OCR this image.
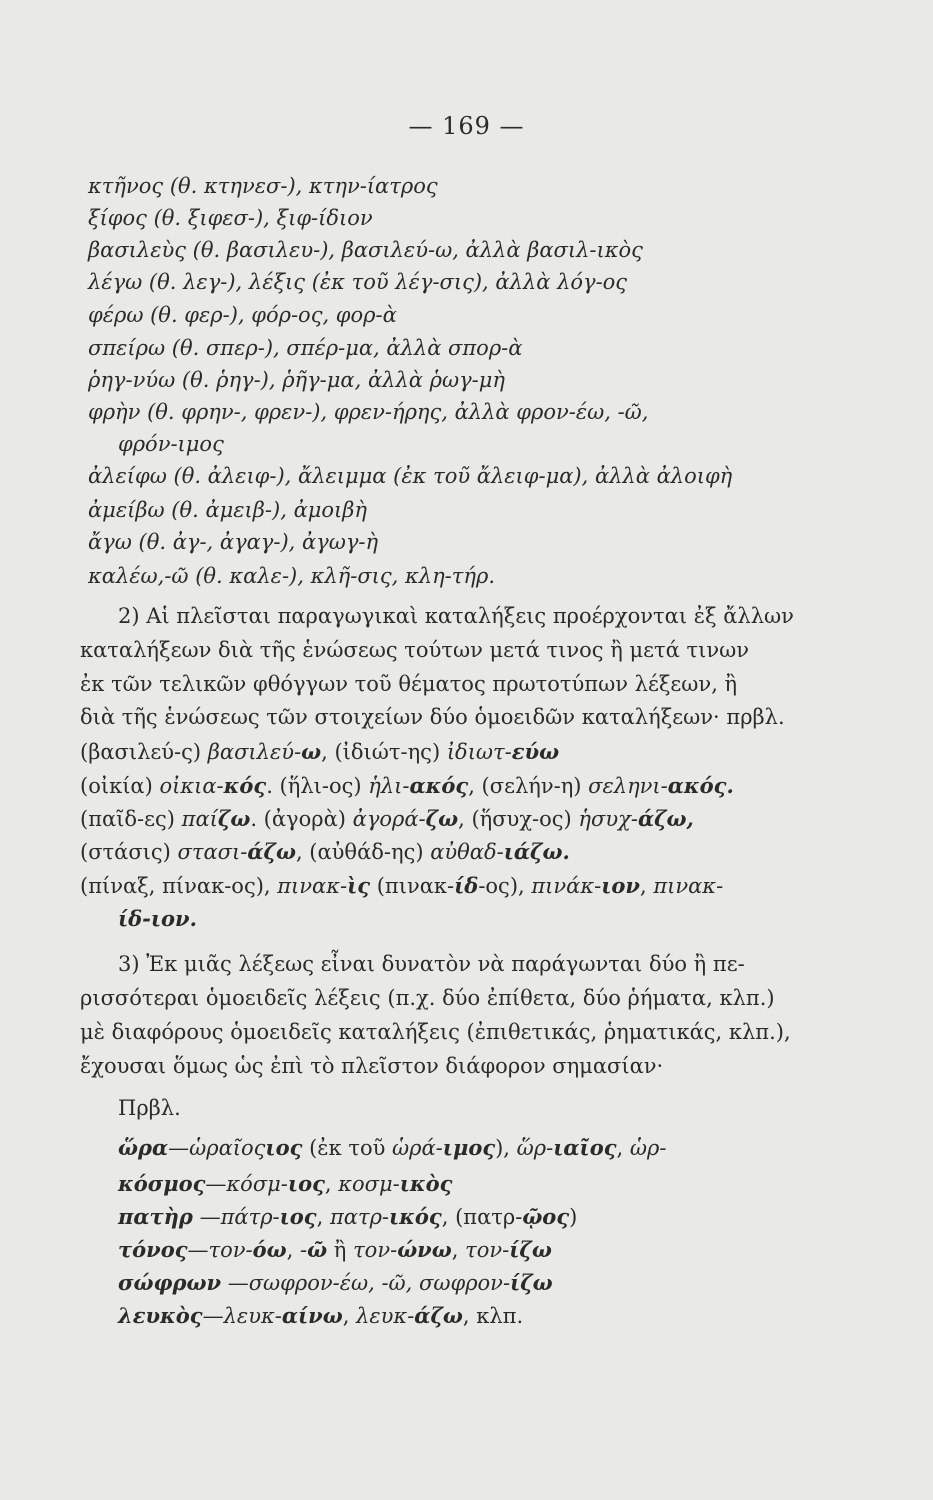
— 169 —
κτῆνος (θ. κτηνεσ-), κτην-ίατρος
ξίφος (θ. ξιφεσ-), ξιφ-ίδιον
βασιλεὺς (θ. βασιλευ-), βασιλεύ-ω, ἀλλὰ βασιλ-ικὸς
λέγω (θ. λεγ-), λέξις (ἐκ τοῦ λέγ-σις), ἀλλὰ λόγ-ος
φέρω (θ. φερ-), φόρ-ος, φορ-ὰ
σπείρω (θ. σπερ-), σπέρ-μα, ἀλλὰ σπορ-ὰ
ῥηγ-νύω (θ. ῥηγ-), ῥῆγ-μα, ἀλλὰ ῥωγ-μὴ
φρὴν (θ. φρην-, φρεν-), φρεν-ήρης, ἀλλὰ φρον-έω, -ῶ,
φρόν-ιμος
ἀλείφω (θ. ἀλειφ-), ἄλειμμα (ἐκ τοῦ ἄλειφ-μα), ἀλλὰ ἀλοιφὴ
ἀμείβω (θ. ἀμειβ-), ἀμοιβὴ
ἄγω (θ. ἀγ-, ἀγαγ-), ἀγωγ-ὴ
καλέω,-ῶ (θ. καλε-), κλῆ-σις, κλη-τήρ.
2) Αἱ πλεῖσται παραγωγικαὶ καταλήξεις προέρχονται ἐξ ἄλλων
καταλήξεων διὰ τῆς ἑνώσεως τούτων μετά τινος ἢ μετά τινων
ἐκ τῶν τελικῶν φθόγγων τοῦ θέματος πρωτοτύπων λέξεων, ἢ
διὰ τῆς ἑνώσεως τῶν στοιχείων δύο ὁμοειδῶν καταλήξεων· πρβλ.
(βασιλεύ-ς) βασιλεύ-ω, (ἰδιώτ-ης) ἰδιωτ-εύω
(οἰκία) οἰκια-κός. (ἥλι-ος) ἡλι-ακός, (σελήν-η) σεληνι-ακός.
(παῖδ-ες) παίζω. (ἀγορὰ) ἀγορά-ζω, (ἥσυχ-ος) ἡσυχ-άζω,
(στάσις) στασι-άζω, (αὐθάδ-ης) αὐθαδ-ιάζω.
(πίναξ, πίνακ-ος), πινακ-ὶς (πινακ-ίδ-ος), πινάκ-ιον, πινακ-
ίδ-ιον.
3) Ἐκ μιᾶς λέξεως εἶναι δυνατὸν νὰ παράγωνται δύο ἢ πε-
ρισσότεραι ὁμοειδεῖς λέξεις (π.χ. δύο ἐπίθετα, δύο ῥήματα, κλπ.)
μὲ διαφόρους ὁμοειδεῖς καταλήξεις (ἐπιθετικάς, ῥηματικάς, κλπ.),
ἔχουσαι ὅμως ὡς ἐπὶ τὸ πλεῖστον διάφορον σημασίαν·
Πρβλ.
ὥρα—ὡραῖοςιος (ἐκ τοῦ ὡρά-ιμος), ὥρ-ιαῖος, ὡρ-
κόσμος—κόσμ-ιος, κοσμ-ικὸς
πατὴρ —πάτρ-ιος, πατρ-ικός, (πατρ-ῷος)
τόνος—τον-όω, -ῶ ἢ τον-ώνω, τον-ίζω
σώφρων —σωφρον-έω, -ῶ, σωφρον-ίζω
λευκὸς—λευκ-αίνω, λευκ-άζω, κλπ.
